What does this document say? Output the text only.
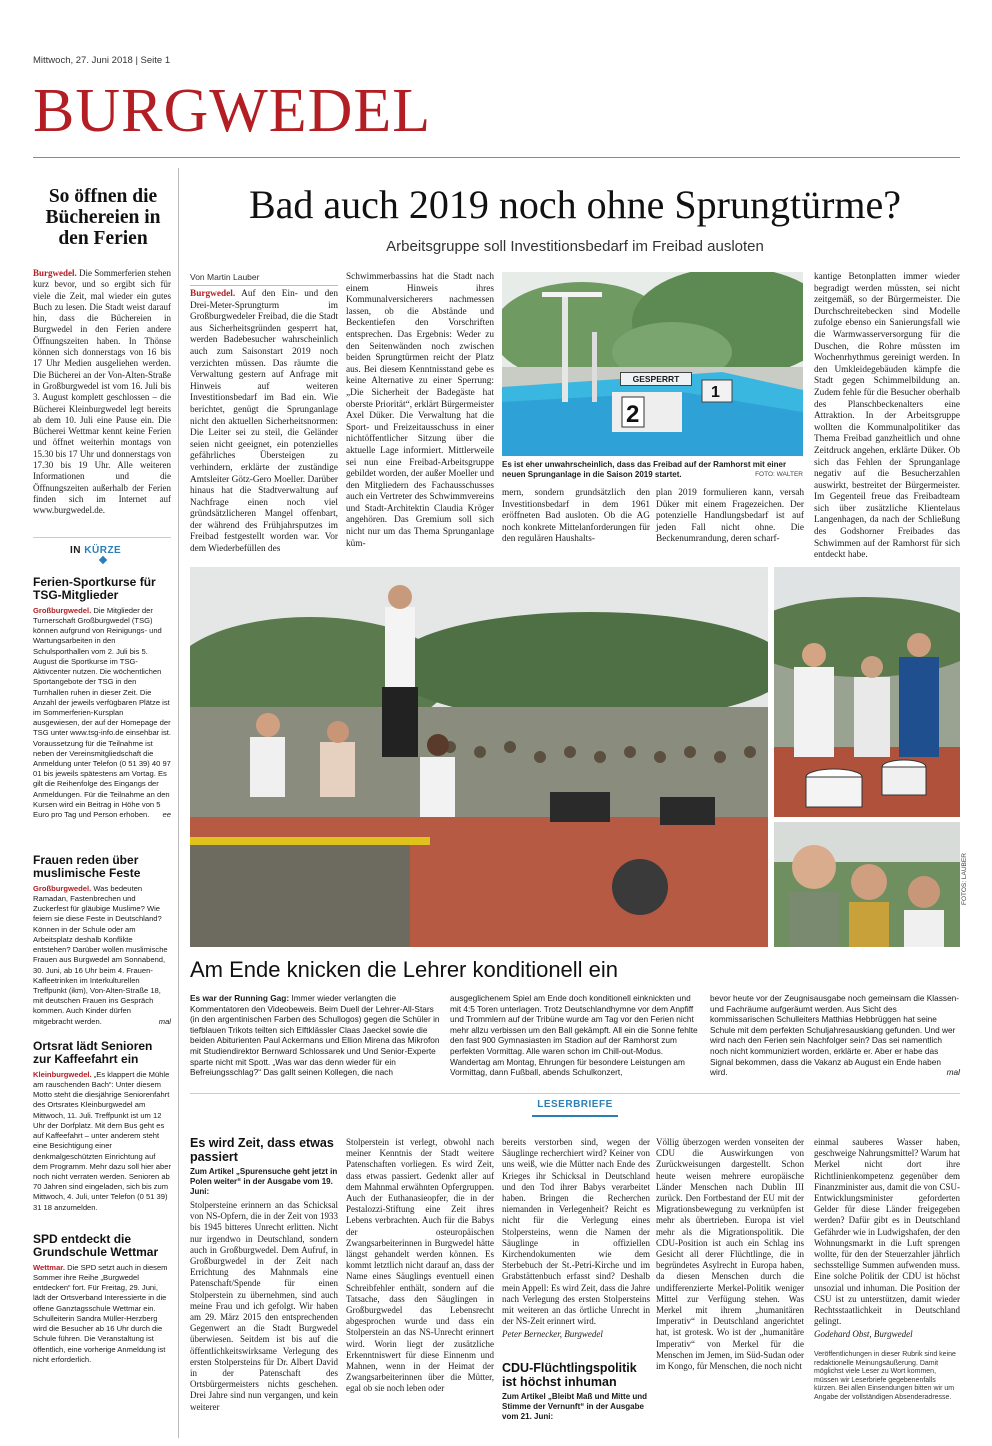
Mittwoch, 27. Juni 2018 | Seite 1
BURGWEDEL
So öffnen die Büchereien in den Ferien
Burgwedel. Die Sommerferien stehen kurz bevor, und so ergibt sich für viele die Zeit, mal wieder ein gutes Buch zu lesen. Die Stadt weist darauf hin, dass die Büchereien in Burgwedel in den Ferien andere Öffnungszeiten haben. In Thönse können sich donnerstags von 16 bis 17 Uhr Medien ausgeliehen werden. Die Bücherei an der Von-Alten-Straße in Großburgwedel ist vom 16. Juli bis 3. August komplett geschlossen – die Bücherei Kleinburgwedel legt bereits ab dem 10. Juli eine Pause ein. Die Bücherei Wettmar kennt keine Ferien und öffnet weiterhin montags von 15.30 bis 17 Uhr und donnerstags von 17.30 bis 19 Uhr. Alle weiteren Informationen und die Öffnungszeiten außerhalb der Ferien finden sich im Internet auf www.burgwedel.de.
IN KÜRZE
Ferien-Sportkurse für TSG-Mitglieder
Großburgwedel. Die Mitglieder der Turnerschaft Großburgwedel (TSG) können aufgrund von Reinigungs- und Wartungsarbeiten in den Schulsporthallen vom 2. Juli bis 5. August die Sportkurse im TSG-Aktivcenter nutzen. Die wöchentlichen Sportangebote der TSG in den Turnhallen ruhen in dieser Zeit. Die Anzahl der jeweils verfügbaren Plätze ist im Sommerferien-Kursplan ausgewiesen, der auf der Homepage der TSG unter www.tsg-info.de einsehbar ist. Voraussetzung für die Teilnahme ist neben der Vereinsmitgliedschaft die Anmeldung unter Telefon (0 51 39) 40 97 01 bis jeweils spätestens am Vortag. Es gilt die Reihenfolge des Eingangs der Anmeldungen. Für die Teilnahme an den Kursen wird ein Beitrag in Höhe von 5 Euro pro Tag und Person erhoben. ee
Frauen reden über muslimische Feste
Großburgwedel. Was bedeuten Ramadan, Fastenbrechen und Zuckerfest für gläubige Muslime? Wie feiern sie diese Feste in Deutschland? Können in der Schule oder am Arbeitsplatz deshalb Konflikte entstehen? Darüber wollen muslimische Frauen aus Burgwedel am Sonnabend, 30. Juni, ab 16 Uhr beim 4. Frauen-Kaffeetrinken im Interkulturellen Treffpunkt (ikm), Von-Alten-Straße 18, mit deutschen Frauen ins Gespräch kommen. Auch Kinder dürfen mitgebracht werden.	mal
Ortsrat lädt Senioren zur Kaffeefahrt ein
Kleinburgwedel. „Es klappert die Mühle am rauschenden Bach“: Unter diesem Motto steht die diesjährige Seniorenfahrt des Ortsrates Kleinburgwedel am Mittwoch, 11. Juli. Treffpunkt ist um 12 Uhr der Dorfplatz. Mit dem Bus geht es auf Kaffeefahrt – unter anderem steht eine Besichtigung einer denkmalgeschützten Einrichtung auf dem Programm. Mehr dazu soll hier aber noch nicht verraten werden. Senioren ab 70 Jahren sind eingeladen, sich bis zum Mittwoch, 4. Juli, unter Telefon (0 51 39) 31 18 anzumelden.
SPD entdeckt die Grundschule Wettmar
Wettmar. Die SPD setzt auch in diesem Sommer ihre Reihe „Burgwedel entdecken“ fort. Für Freitag, 29. Juni, lädt der Ortsverband Interessierte in die offene Ganztagsschule Wettmar ein. Schulleiterin Sandra Müller-Herzberg wird die Besucher ab 16 Uhr durch die Schule führen. Die Veranstaltung ist öffentlich, eine vorherige Anmeldung ist nicht erforderlich.
Bad auch 2019 noch ohne Sprungtürme?
Arbeitsgruppe soll Investitionsbedarf im Freibad ausloten
Von Martin Lauber
Burgwedel. Auf den Ein- und den Drei-Meter-Sprungturm im Großburgwedeler Freibad, die die Stadt aus Sicherheitsgründen gesperrt hat, werden Badebesucher wahrscheinlich auch zum Saisonstart 2019 noch verzichten müssen. Das räumte die Verwaltung gestern auf Anfrage mit Hinweis auf weiteren Investitionsbedarf im Bad ein. Wie berichtet, genügt die Sprunganlage nicht den aktuellen Sicherheitsnormen: Die Leiter sei zu steil, die Geländer seien nicht geeignet, ein potenzielles gefährliches Übersteigen zu verhindern, erklärte der zuständige Amtsleiter Götz-Gero Moeller. Darüber hinaus hat die Stadtverwaltung auf Nachfrage einen noch viel gründsätzlicheren Mangel offenbart, der während des Frühjahrsputzes im Freibad festgestellt worden war. Vor dem Wiederbefüllen des
Schwimmerbassins hat die Stadt nach einem Hinweis ihres Kommunalversicherers nachmessen lassen, ob die Abstände und Beckentiefen den Vorschriften entsprechen. Das Ergebnis: Weder zu den Seitenwänden noch zwischen beiden Sprungtürmen reicht der Platz aus. Bei diesem Kenntnisstand gebe es keine Alternative zu einer Sperrung: „Die Sicherheit der Badegäste hat oberste Priorität“, erklärt Bürgermeister Axel Düker. Die Verwaltung hat die Sport- und Freizeitausschuss in einer nichtöffentlicher Sitzung über die aktuelle Lage informiert. Mittlerweile sei nun eine Freibad-Arbeitsgruppe gebildet worden, der außer Moeller und den Mitgliedern des Fachausschusses auch ein Vertreter des Schwimmvereins und Stadt-Architektin Claudia Kröger angehören. Das Gremium soll sich nicht nur um das Thema Sprunganlage küm-
2
1
GESPERRT
Es ist eher unwahrscheinlich, dass das Freibad auf der Ramhorst mit einer neuen Sprunganlage in die Saison 2019 startet.	FOTO: WALTER
mern, sondern grundsätzlich den Investitionsbedarf in dem 1961 eröffneten Bad ausloten. Ob die AG noch konkrete Mittelanforderungen für den regulären Haushalts-
plan 2019 formulieren kann, versah Düker mit einem Fragezeichen. Der potenzielle Handlungsbedarf ist auf jeden Fall nicht ohne. Die Beckenumrandung, deren scharf-
kantige Betonplatten immer wieder begradigt werden müssten, sei nicht zeitgemäß, so der Bürgermeister. Die Durchschreitebecken sind Modelle zufolge ebenso ein Sanierungsfall wie die Warmwasserversorgung für die Duschen, die Rohre müssten im Wochenrhythmus gereinigt werden. In den Umkleidegebäuden kämpfe die Stadt gegen Schimmelbildung an. Zudem fehle für die Besucher oberhalb des Planschbeckenalters eine Attraktion. In der Arbeitsgruppe wollten die Kommunalpolitiker das Thema Freibad ganzheitlich und ohne Zeitdruck angehen, erklärte Düker. Ob sich das Fehlen der Sprunganlage negativ auf die Besucherzahlen auswirkt, bestreitet der Bürgermeister. Im Gegenteil freue das Freibadteam sich über zusätzliche Klientelaus Langenhagen, da nach der Schließung des Godshorner Freibades das Schwimmen auf der Ramhorst für sich entdeckt habe.
FOTOS: LAUBER
Am Ende knicken die Lehrer konditionell ein
Es war der Running Gag: Immer wieder verlangten die Kommentatoren den Videobeweis. Beim Duell der Lehrer-All-Stars (in den argentinischen Farben des Schullogos) gegen die Schüler in tiefblauen Trikots teilten sich Elftklässler Claas Jaeckel sowie die beiden Abiturienten Paul Ackermans und Ellion Mirena das Mikrofon mit Studiendirektor Bernward Schlossarek und Und Senior-Experte sparte nicht mit Spott. „Was war das denn wieder für ein Befreiungsschlag?“ Das gallt seinen Kollegen, die nach
ausgeglichenem Spiel am Ende doch konditionell einknickten und mit 4:5 Toren unterlagen. Trotz Deutschlandhymne vor dem Anpfiff und Trommlern auf der Tribüne wurde am Tag vor den Ferien nicht mehr allzu verbissen um den Ball gekämpft. All ein die Sonne fehlte den fast 900 Gymnasiasten im Stadion auf der Ramhorst zum perfekten Vormittag. Alle waren schon im Chill-out-Modus. Wandertag am Montag, Ehrungen für besondere Leistungen am Vormittag, dann Fußball, abends Schulkonzert,
bevor heute vor der Zeugnisausgabe noch gemeinsam die Klassen- und Fachräume aufgeräumt werden. Aus Sicht des kommissarischen Schulleiters Matthias Hebbrüggen hat seine Schule mit dem perfekten Schuljahresauskiang gefunden. Und wer wird nach den Ferien sein Nachfolger sein? Das sei namentlich noch nicht kommuniziert worden, erklärte er. Aber er habe das Signal bekommen, dass die Vakanz ab August ein Ende haben wird.	mal
LESERBRIEFE
Es wird Zeit, dass etwas passiert
Zum Artikel „Spurensuche geht jetzt in Polen weiter“ in der Ausgabe vom 19. Juni:
Stolpersteine erinnern an das Schicksal von NS-Opfern, die in der Zeit von 1933 bis 1945 bitteres Unrecht erlitten. Nicht nur irgendwo in Deutschland, sondern auch in Großburgwedel. Dem Aufruf, in Großburgwedel in der Zeit nach Errichtung des Mahnmals eine Patenschaft/Spende für einen Stolperstein zu übernehmen, sind auch meine Frau und ich gefolgt. Wir haben am 29. März 2015 den entsprechenden Gegenwert an die Stadt Burgwedel überwiesen. Seitdem ist bis auf die öffentlichkeitswirksame Verlegung des ersten Stolpersteins für Dr. Albert David in der Patenschaft des Ortsbürgermeisters nichts geschehen. Drei Jahre sind nun vergangen, und kein weiterer
Stolperstein ist verlegt, obwohl nach meiner Kenntnis der Stadt weitere Patenschaften vorliegen. Es wird Zeit, dass etwas passiert. Gedenkt aller auf dem Mahnmal erwähnten Opfergruppen. Auch der Euthanasieopfer, die in der Pestalozzi-Stiftung eine Zeit ihres Lebens verbrachten. Auch für die Babys der osteuropäischen Zwangsarbeiterinnen in Burgwedel hätte längst gehandelt werden können. Es kommt letztlich nicht darauf an, dass der Name eines Säuglings eventuell einen Schreibfehler enthält, sondern auf die Tatsache, dass den Säuglingen in Großburgwedel das Lebensrecht abgesprochen wurde und dass ein Stolperstein an das NS-Unrecht erinnert wird. Worin liegt der zusätzliche Erkenntniswert für diese Einnenm und Mahnen, wenn in der Heimat der Zwangsarbeiterinnen über die Mütter, egal ob sie noch leben oder
bereits verstorben sind, wegen der Säuglinge recherchiert wird? Keiner von uns weiß, wie die Mütter nach Ende des Krieges ihr Schicksal in Deutschland und den Tod ihrer Babys verarbeitet haben. Bringen die Recherchen niemanden in Verlegenheit? Reicht es nicht für die Verlegung eines Stolpersteins, wenn die Namen der Säuglinge in offiziellen Kirchendokumenten wie dem Sterbebuch der St.-Petri-Kirche und im Grabstättenbuch erfasst sind? Deshalb mein Appell: Es wird Zeit, dass die Jahre nach Verlegung des ersten Stolpersteins mit weiteren an das örtliche Unrecht in der NS-Zeit erinnert wird.
Peter Bernecker, Burgwedel
CDU-Flüchtlingspolitik ist höchst inhuman
Zum Artikel „Bleibt Maß und Mitte und Stimme der Vernunft“ in der Ausgabe vom 21. Juni:
Völlig überzogen werden vonseiten der CDU die Auswirkungen von Zurückweisungen dargestellt. Schon heute weisen mehrere europäische Länder Menschen nach Dublin III zurück. Den Fortbestand der EU mit der Migrationsbewegung zu verknüpfen ist mehr als übertrieben. Europa ist viel mehr als die Migrationspolitik. Die CDU-Position ist auch ein Schlag ins Gesicht all derer Flüchtlinge, die in begründetes Asylrecht in Europa haben, da diesen Menschen durch die undifferenzierte Merkel-Politik weniger Mittel zur Verfügung stehen. Was Merkel mit ihrem „humanitären Imperativ“ in Deutschland angerichtet hat, ist grotesk. Wo ist der „humanitäre Imperativ“ von Merkel für die Menschen im Jemen, im Süd-Sudan oder im Kongo, für Menschen, die noch nicht
einmal sauberes Wasser haben, geschweige Nahrungsmittel? Warum hat Merkel nicht dort ihre Richtlinienkompetenz gegenüber dem Finanzminister aus, damit die von CSU-Entwicklungsminister geforderten Gelder für diese Länder freigegeben werden? Dafür gibt es in Deutschland Gefährder wie in Ludwigshafen, der den Wohnungsmarkt in die Luft sprengen wollte, für den der Steuerzahler jährlich sechsstellige Summen aufwenden muss. Eine solche Politik der CDU ist höchst unsozial und inhuman. Die Position der CSU ist zu unterstützen, damit wieder Rechtsstaatlichkeit in Deutschland gelingt.
Godehard Obst, Burgwedel
Veröffentlichungen in dieser Rubrik sind keine redaktionelle Meinungsäußerung. Damit möglichst viele Leser zu Wort kommen, müssen wir Leserbriefe gegebenenfalls kürzen. Bei allen Einsendungen bitten wir um Angabe der vollständigen Absenderadresse.
